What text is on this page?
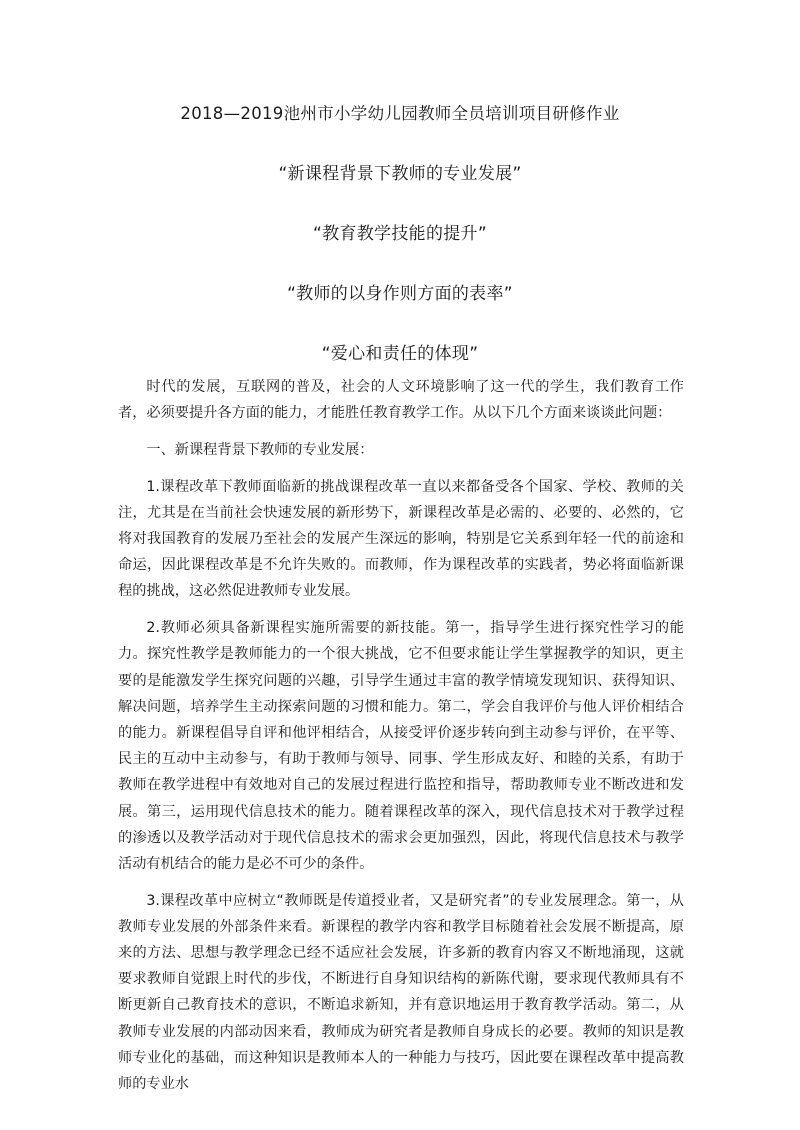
2018—2019池州市小学幼儿园教师全员培训项目研修作业
“新课程背景下教师的专业发展”
“教育教学技能的提升”
“教师的以身作则方面的表率”
“爱心和责任的体现”

时代的发展，互联网的普及，社会的人文环境影响了这一代的学生，我们教育工作者，必须要提升各方面的能力，才能胜任教育教学工作。从以下几个方面来谈谈此问题：

一、新课程背景下教师的专业发展：

1.课程改革下教师面临新的挑战课程改革一直以来都备受各个国家、学校、教师的关注，尤其是在当前社会快速发展的新形势下，新课程改革是必需的、必要的、必然的，它将对我国教育的发展乃至社会的发展产生深远的影响，特别是它关系到年轻一代的前途和命运，因此课程改革是不允许失败的。而教师，作为课程改革的实践者，势必将面临新课程的挑战，这必然促进教师专业发展。

2.教师必须具备新课程实施所需要的新技能。第一，指导学生进行探究性学习的能力。探究性教学是教师能力的一个很大挑战，它不但要求能让学生掌握教学的知识，更主要的是能激发学生探究问题的兴趣，引导学生通过丰富的教学情境发现知识、获得知识、解决问题，培养学生主动探索问题的习惯和能力。第二，学会自我评价与他人评价相结合的能力。新课程倡导自评和他评相结合，从接受评价逐步转向到主动参与评价，在平等、民主的互动中主动参与，有助于教师与领导、同事、学生形成友好、和睦的关系，有助于教师在教学进程中有效地对自己的发展过程进行监控和指导，帮助教师专业不断改进和发展。第三，运用现代信息技术的能力。随着课程改革的深入，现代信息技术对于教学过程的渗透以及教学活动对于现代信息技术的需求会更加强烈，因此，将现代信息技术与教学活动有机结合的能力是必不可少的条件。

3.课程改革中应树立“教师既是传道授业者，又是研究者”的专业发展理念。第一，从教师专业发展的外部条件来看。新课程的教学内容和教学目标随着社会发展不断提高，原来的方法、思想与教学理念已经不适应社会发展，许多新的教育内容又不断地涌现，这就要求教师自觉跟上时代的步伐，不断进行自身知识结构的新陈代谢，要求现代教师具有不断更新自己教育技术的意识，不断追求新知，并有意识地运用于教育教学活动。第二，从教师专业发展的内部动因来看，教师成为研究者是教师自身成长的必要。教师的知识是教师专业化的基础，而这种知识是教师本人的一种能力与技巧，因此要在课程改革中提高教师的专业水
